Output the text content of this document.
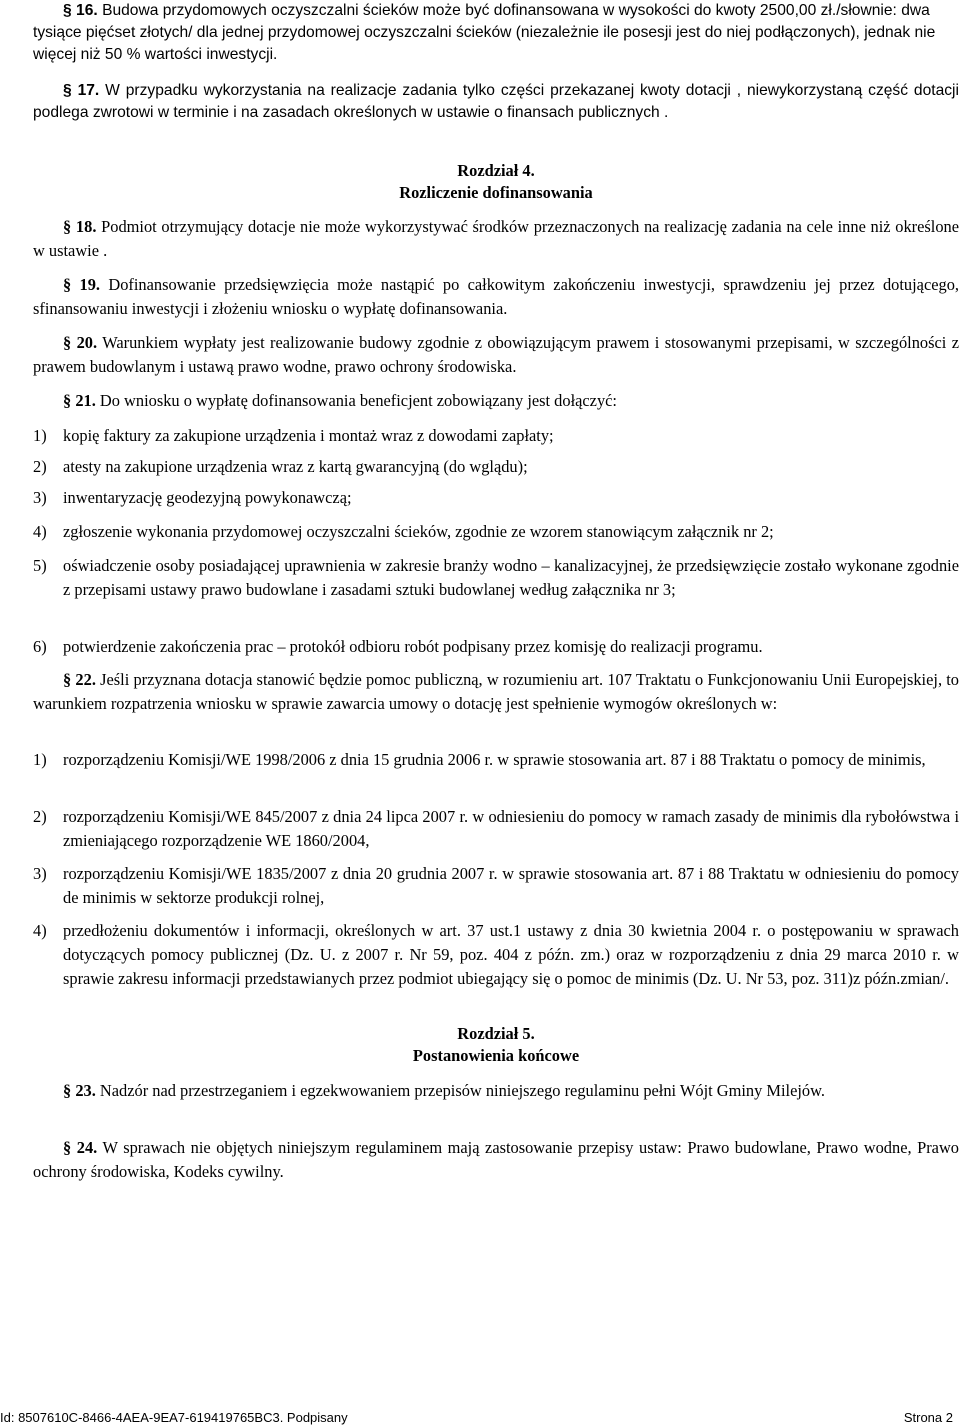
§ 16. Budowa przydomowych oczyszczalni ścieków może być dofinansowana w wysokości do kwoty 2500,00 zł./słownie: dwa tysiące pięćset złotych/ dla jednej przydomowej oczyszczalni ścieków (niezależnie ile posesji jest do niej podłączonych), jednak nie więcej niż 50 % wartości inwestycji.

§ 17. W przypadku wykorzystania na realizacje zadania tylko części przekazanej kwoty dotacji , niewykorzystaną część dotacji podlega zwrotowi w terminie i na zasadach określonych w ustawie o finansach publicznych .

Rozdział 4.

Rozliczenie dofinansowania

§ 18. Podmiot otrzymujący dotacje nie może wykorzystywać środków przeznaczonych na realizację zadania na cele inne niż określone w ustawie .

§ 19. Dofinansowanie przedsięwzięcia może nastąpić po całkowitym zakończeniu inwestycji, sprawdzeniu jej przez dotującego, sfinansowaniu inwestycji i złożeniu wniosku o wypłatę dofinansowania.

§ 20. Warunkiem wypłaty jest realizowanie budowy zgodnie z obowiązującym prawem i stosowanymi przepisami, w szczególności z prawem budowlanym i ustawą prawo wodne, prawo ochrony środowiska.

§ 21. Do wniosku o wypłatę dofinansowania beneficjent zobowiązany jest dołączyć:

1) kopię faktury za zakupione urządzenia i montaż wraz z dowodami zapłaty;
2) atesty na zakupione urządzenia wraz z kartą gwarancyjną (do wglądu);
3) inwentaryzację geodezyjną powykonawczą;
4) zgłoszenie wykonania przydomowej oczyszczalni ścieków, zgodnie ze wzorem stanowiącym załącznik nr 2;
5) oświadczenie osoby posiadającej uprawnienia w zakresie branży wodno – kanalizacyjnej, że przedsięwzięcie zostało wykonane zgodnie z przepisami ustawy prawo budowlane i zasadami sztuki budowlanej według załącznika nr 3;
6) potwierdzenie zakończenia prac – protokół odbioru robót podpisany przez komisję do realizacji programu.

§ 22. Jeśli przyznana dotacja stanowić będzie pomoc publiczną, w rozumieniu art. 107 Traktatu o Funkcjonowaniu Unii Europejskiej, to warunkiem rozpatrzenia wniosku w sprawie zawarcia umowy o dotację jest spełnienie wymogów określonych w:

1) rozporządzeniu Komisji/WE 1998/2006 z dnia 15 grudnia 2006 r. w sprawie stosowania art. 87 i 88 Traktatu o pomocy de minimis,
2) rozporządzeniu Komisji/WE 845/2007 z dnia 24 lipca 2007 r. w odniesieniu do pomocy w ramach zasady de minimis dla rybołówstwa i zmieniającego rozporządzenie WE 1860/2004,
3) rozporządzeniu Komisji/WE 1835/2007 z dnia 20 grudnia 2007 r. w sprawie stosowania art. 87 i 88 Traktatu w odniesieniu do pomocy de minimis w sektorze produkcji rolnej,
4) przedłożeniu dokumentów i informacji, określonych w art. 37 ust.1 ustawy z dnia 30 kwietnia 2004 r. o postępowaniu w sprawach dotyczących pomocy publicznej (Dz. U. z 2007 r. Nr 59, poz. 404 z późn. zm.) oraz w rozporządzeniu z dnia 29 marca 2010 r. w sprawie zakresu informacji przedstawianych przez podmiot ubiegający się o pomoc de minimis (Dz. U. Nr 53, poz. 311)z późn.zmian/.

Rozdział 5.

Postanowienia końcowe

§ 23. Nadzór nad przestrzeganiem i egzekwowaniem przepisów niniejszego regulaminu pełni Wójt Gminy Milejów.

§ 24. W sprawach nie objętych niniejszym regulaminem mają zastosowanie przepisy ustaw: Prawo budowlane, Prawo wodne, Prawo ochrony środowiska, Kodeks cywilny.

Id: 8507610C-8466-4AEA-9EA7-619419765BC3. Podpisany	Strona 2
